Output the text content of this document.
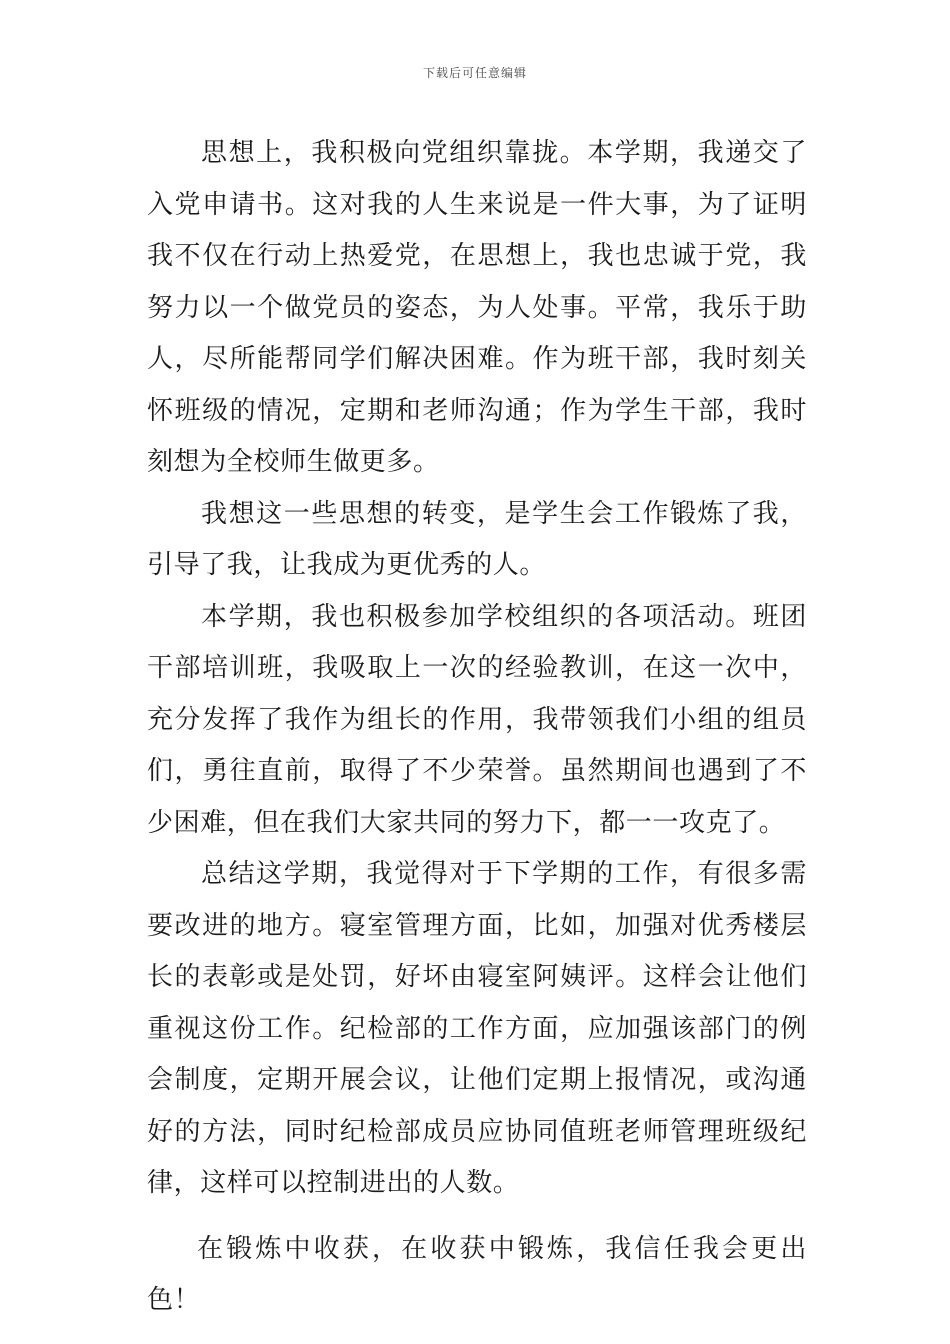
下载后可任意编辑

思想上，我积极向党组织靠拢。本学期，我递交了入党申请书。这对我的人生来说是一件大事，为了证明我不仅在行动上热爱党，在思想上，我也忠诚于党，我努力以一个做党员的姿态，为人处事。平常，我乐于助人，尽所能帮同学们解决困难。作为班干部，我时刻关怀班级的情况，定期和老师沟通；作为学生干部，我时刻想为全校师生做更多。

我想这一些思想的转变，是学生会工作锻炼了我，引导了我，让我成为更优秀的人。

本学期，我也积极参加学校组织的各项活动。班团干部培训班，我吸取上一次的经验教训，在这一次中，充分发挥了我作为组长的作用，我带领我们小组的组员们，勇往直前，取得了不少荣誉。虽然期间也遇到了不少困难，但在我们大家共同的努力下，都一一攻克了。

总结这学期，我觉得对于下学期的工作，有很多需要改进的地方。寝室管理方面，比如，加强对优秀楼层长的表彰或是处罚，好坏由寝室阿姨评。这样会让他们重视这份工作。纪检部的工作方面，应加强该部门的例会制度，定期开展会议，让他们定期上报情况，或沟通好的方法，同时纪检部成员应协同值班老师管理班级纪律，这样可以控制进出的人数。

在锻炼中收获，在收获中锻炼，我信任我会更出色！
